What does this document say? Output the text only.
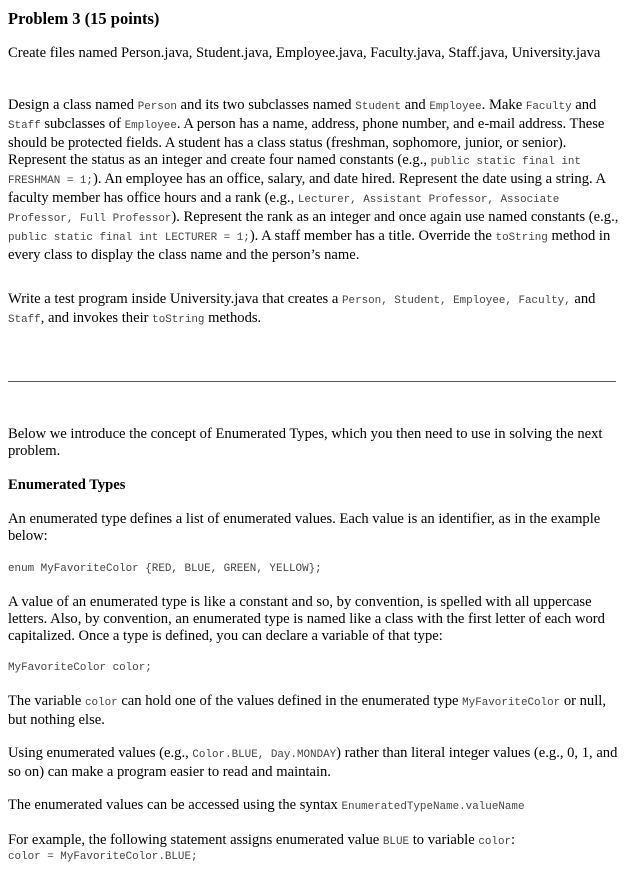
Problem 3 (15 points)
Create files named Person.java, Student.java, Employee.java, Faculty.java, Staff.java, University.java
Design a class named Person and its two subclasses named Student and Employee. Make Faculty and Staff subclasses of Employee. A person has a name, address, phone number, and e-mail address. These should be protected fields. A student has a class status (freshman, sophomore, junior, or senior). Represent the status as an integer and create four named constants (e.g., public static final int FRESHMAN = 1;). An employee has an office, salary, and date hired. Represent the date using a string. A faculty member has office hours and a rank (e.g., Lecturer, Assistant Professor, Associate Professor, Full Professor). Represent the rank as an integer and once again use named constants (e.g., public static final int LECTURER = 1;). A staff member has a title. Override the toString method in every class to display the class name and the person’s name.
Write a test program inside University.java that creates a Person, Student, Employee, Faculty, and Staff, and invokes their toString methods.
Below we introduce the concept of Enumerated Types, which you then need to use in solving the next problem.
Enumerated Types
An enumerated type defines a list of enumerated values. Each value is an identifier, as in the example below:
enum MyFavoriteColor {RED, BLUE, GREEN, YELLOW};
A value of an enumerated type is like a constant and so, by convention, is spelled with all uppercase letters. Also, by convention, an enumerated type is named like a class with the first letter of each word capitalized. Once a type is defined, you can declare a variable of that type:
MyFavoriteColor color;
The variable color can hold one of the values defined in the enumerated type MyFavoriteColor or null, but nothing else.
Using enumerated values (e.g., Color.BLUE, Day.MONDAY) rather than literal integer values (e.g., 0, 1, and so on) can make a program easier to read and maintain.
The enumerated values can be accessed using the syntax EnumeratedTypeName.valueName
For example, the following statement assigns enumerated value BLUE to variable color:
color = MyFavoriteColor.BLUE;
